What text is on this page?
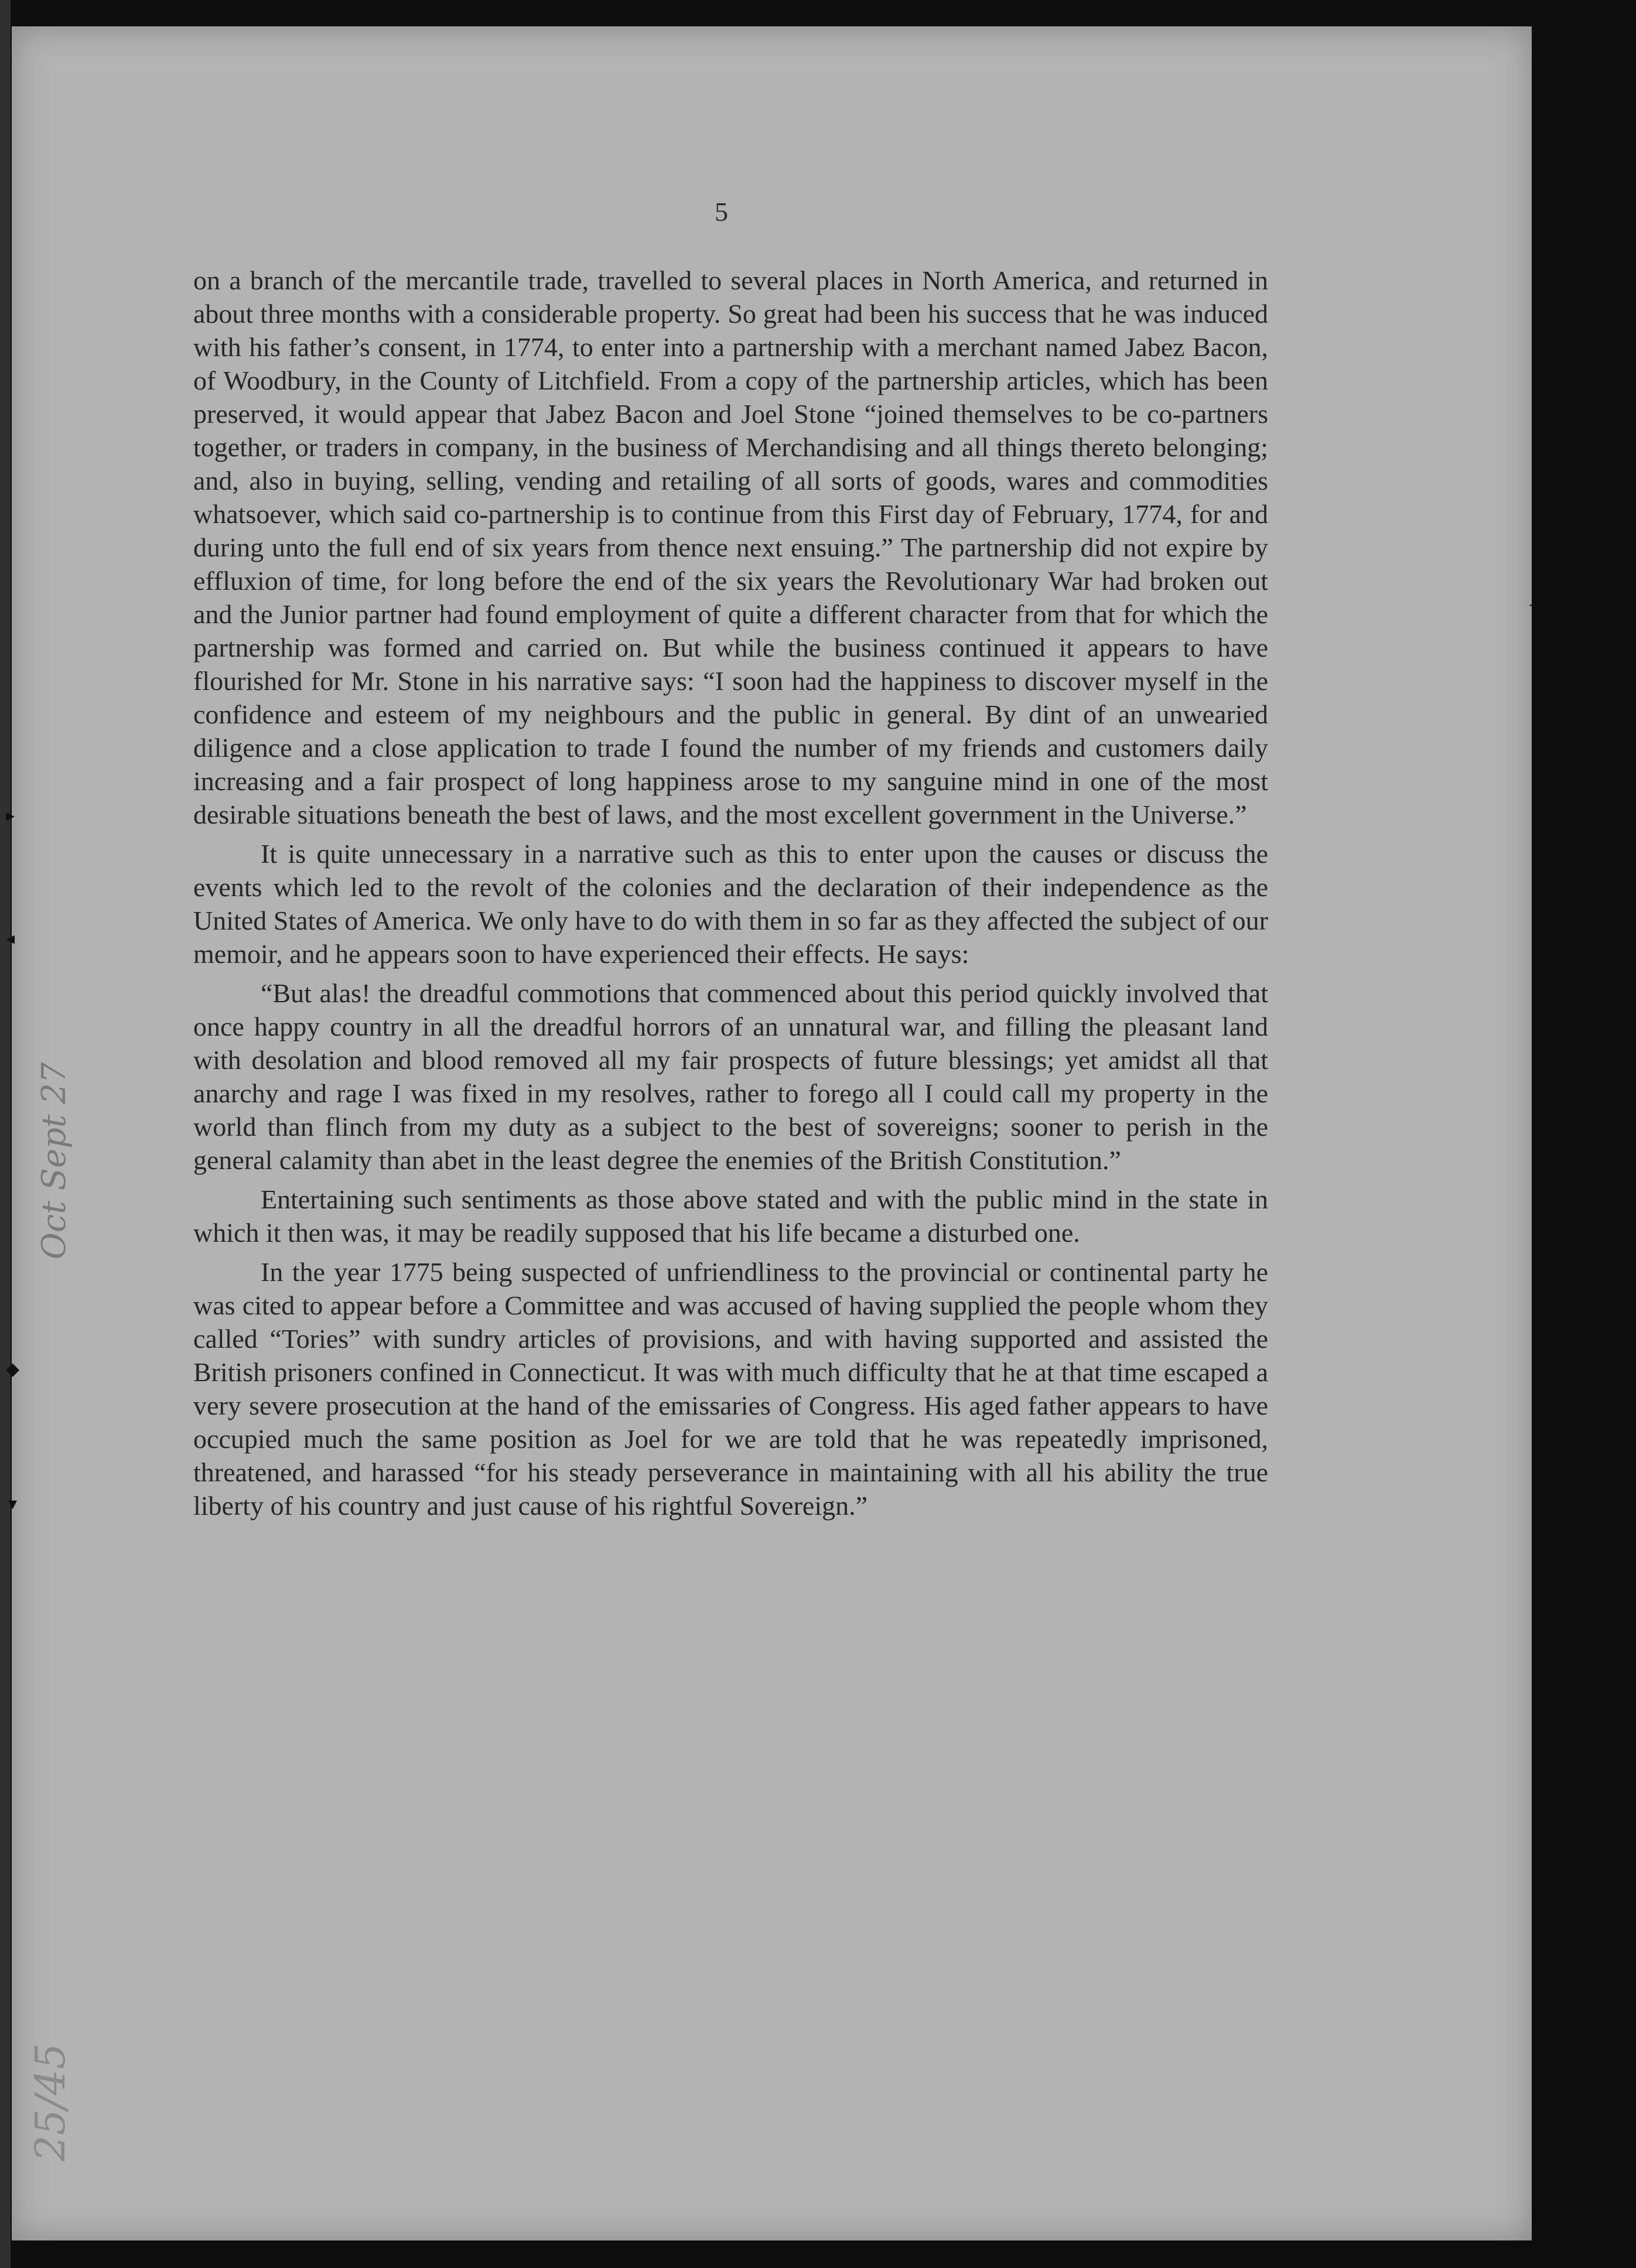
5

on a branch of the mercantile trade, travelled to several places in North America, and returned in about three months with a considerable property. So great had been his success that he was induced with his father’s consent, in 1774, to enter into a partnership with a merchant named Jabez Bacon, of Woodbury, in the County of Litchfield. From a copy of the partnership articles, which has been preserved, it would appear that Jabez Bacon and Joel Stone “joined themselves to be co-partners together, or traders in company, in the business of Merchandising and all things thereto belonging; and, also in buying, selling, vending and retailing of all sorts of goods, wares and commodities whatsoever, which said co-partnership is to continue from this First day of February, 1774, for and during unto the full end of six years from thence next ensuing.” The partnership did not expire by effluxion of time, for long before the end of the six years the Revolutionary War had broken out and the Junior partner had found employment of quite a different character from that for which the partnership was formed and carried on. But while the business continued it appears to have flourished for Mr. Stone in his narrative says: “I soon had the happiness to discover myself in the confidence and esteem of my neighbours and the public in general. By dint of an unwearied diligence and a close application to trade I found the number of my friends and customers daily increasing and a fair prospect of long happiness arose to my sanguine mind in one of the most desirable situations beneath the best of laws, and the most excellent government in the Universe.”

It is quite unnecessary in a narrative such as this to enter upon the causes or discuss the events which led to the revolt of the colonies and the declaration of their independence as the United States of America. We only have to do with them in so far as they affected the subject of our memoir, and he appears soon to have experienced their effects. He says:

“But alas! the dreadful commotions that commenced about this period quickly involved that once happy country in all the dreadful horrors of an unnatural war, and filling the pleasant land with desolation and blood removed all my fair prospects of future blessings; yet amidst all that anarchy and rage I was fixed in my resolves, rather to forego all I could call my property in the world than flinch from my duty as a subject to the best of sovereigns; sooner to perish in the general calamity than abet in the least degree the enemies of the British Constitution.”

Entertaining such sentiments as those above stated and with the public mind in the state in which it then was, it may be readily supposed that his life became a disturbed one.

In the year 1775 being suspected of unfriendliness to the provincial or continental party he was cited to appear before a Committee and was accused of having supplied the people whom they called “Tories” with sundry articles of provisions, and with having supported and assisted the British prisoners confined in Connecticut. It was with much difficulty that he at that time escaped a very severe prosecution at the hand of the emissaries of Congress. His aged father appears to have occupied much the same position as Joel for we are told that he was repeatedly imprisoned, threatened, and harassed “for his steady perseverance in maintaining with all his ability the true liberty of his country and just cause of his rightful Sovereign.”

Oct Sept 27
25/45
▸
◂
◆
▾
‒
